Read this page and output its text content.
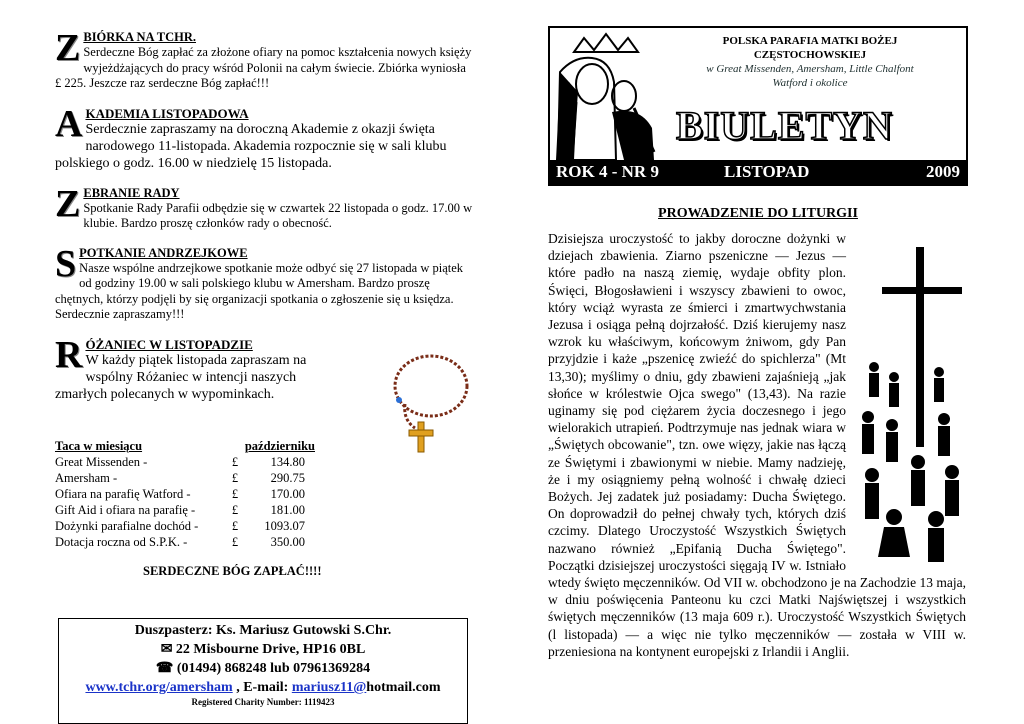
Z BIÓRKA NA TCHR.

Serdeczne Bóg zapłać za złożone ofiary na pomoc kształcenia nowych księży wyjeżdżających do pracy wśród Polonii na całym świecie. Zbiórka wyniosła £ 225. Jeszcze raz serdeczne Bóg zapłać!!!

A KADEMIA LISTOPADOWA

Serdecznie zapraszamy na doroczną Akademie z okazji święta narodowego 11-listopada. Akademia rozpocznie się w sali klubu polskiego o godz. 16.00 w niedzielę 15 listopada.

Z EBRANIE RADY

Spotkanie Rady Parafii odbędzie się w czwartek 22 listopada o godz. 17.00 w klubie. Bardzo proszę członków rady o obecność.

S POTKANIE ANDRZEJKOWE

Nasze wspólne andrzejkowe spotkanie może odbyć się 27 listopada w piątek od godziny 19.00 w sali polskiego klubu w Amersham. Bardzo proszę chętnych, którzy podjęli by się organizacji spotkania o zgłoszenie się u księdza. Serdecznie zapraszamy!!!

R ÓŻANIEC W LISTOPADZIE

W każdy piątek listopada zapraszam na wspólny Różaniec w intencji naszych zmarłych polecanych w wypominkach.

Taca w miesiącu	październiku
Great Missenden -	£	134.80
Amersham -	£	290.75
Ofiara na parafię Watford -	£	170.00
Gift Aid i ofiara na parafię -	£	181.00
Dożynki parafialne dochód -	£	1093.07
Dotacja roczna od S.P.K. -	£	350.00
SERDECZNE BÓG ZAPŁAĆ!!!!
Duszpasterz: Ks. Mariusz Gutowski S.Chr.
✉ 22 Misbourne Drive, HP16 0BL
☎ (01494) 868248 lub 07961369284
www.tchr.org/amersham , E-mail: mariusz11@hotmail.com
Registered Charity Number: 1119423
POLSKA PARAFIA MATKI BOŻEJ
CZĘSTOCHOWSKIEJ
w Great Missenden, Amersham, Little Chalfont
Watford i okolice
BIULETYN
ROK 4 - NR 9	LISTOPAD	2009
PROWADZENIE DO LITURGII
Dzisiejsza uroczystość to jakby doroczne dożynki w dziejach zbawienia. Ziarno pszeniczne — Jezus — które padło na naszą ziemię, wydaje obfity plon. Święci, Błogosławieni i wszyscy zbawieni to owoc, który wciąż wyrasta ze śmierci i zmartwychwstania Jezusa i osiąga pełną dojrzałość. Dziś kierujemy nasz wzrok ku właściwym, końcowym żniwom, gdy Pan przyjdzie i każe „pszenicę zwieźć do spichlerza" (Mt 13,30); myślimy o dniu, gdy zbawieni zajaśnieją „jak słońce w królestwie Ojca swego" (13,43). Na razie uginamy się pod ciężarem życia doczesnego i jego wielorakich utrapień. Podtrzymuje nas jednak wiara w „Świętych obcowanie", tzn. owe więzy, jakie nas łączą ze Świętymi i zbawionymi w niebie. Mamy nadzieję, że i my osiągniemy pełną wolność i chwałę dzieci Bożych. Jej zadatek już posiadamy: Ducha Świętego. On doprowadził do pełnej chwały tych, których dziś czcimy. Dlatego Uroczystość Wszystkich Świętych nazwano również „Epifanią Ducha Świętego". Początki dzisiejszej uroczystości sięgają IV w. Istniało wtedy święto męczenników. Od VII w. obchodzono je na Zachodzie 13 maja, w dniu poświęcenia Panteonu ku czci Matki Najświętszej i wszystkich świętych męczenników (13 maja 609 r.). Uroczystość Wszystkich Świętych (l listopada) — a więc nie tylko męczenników — została w VIII w. przeniesiona na kontynent europejski z Irlandii i Anglii.
